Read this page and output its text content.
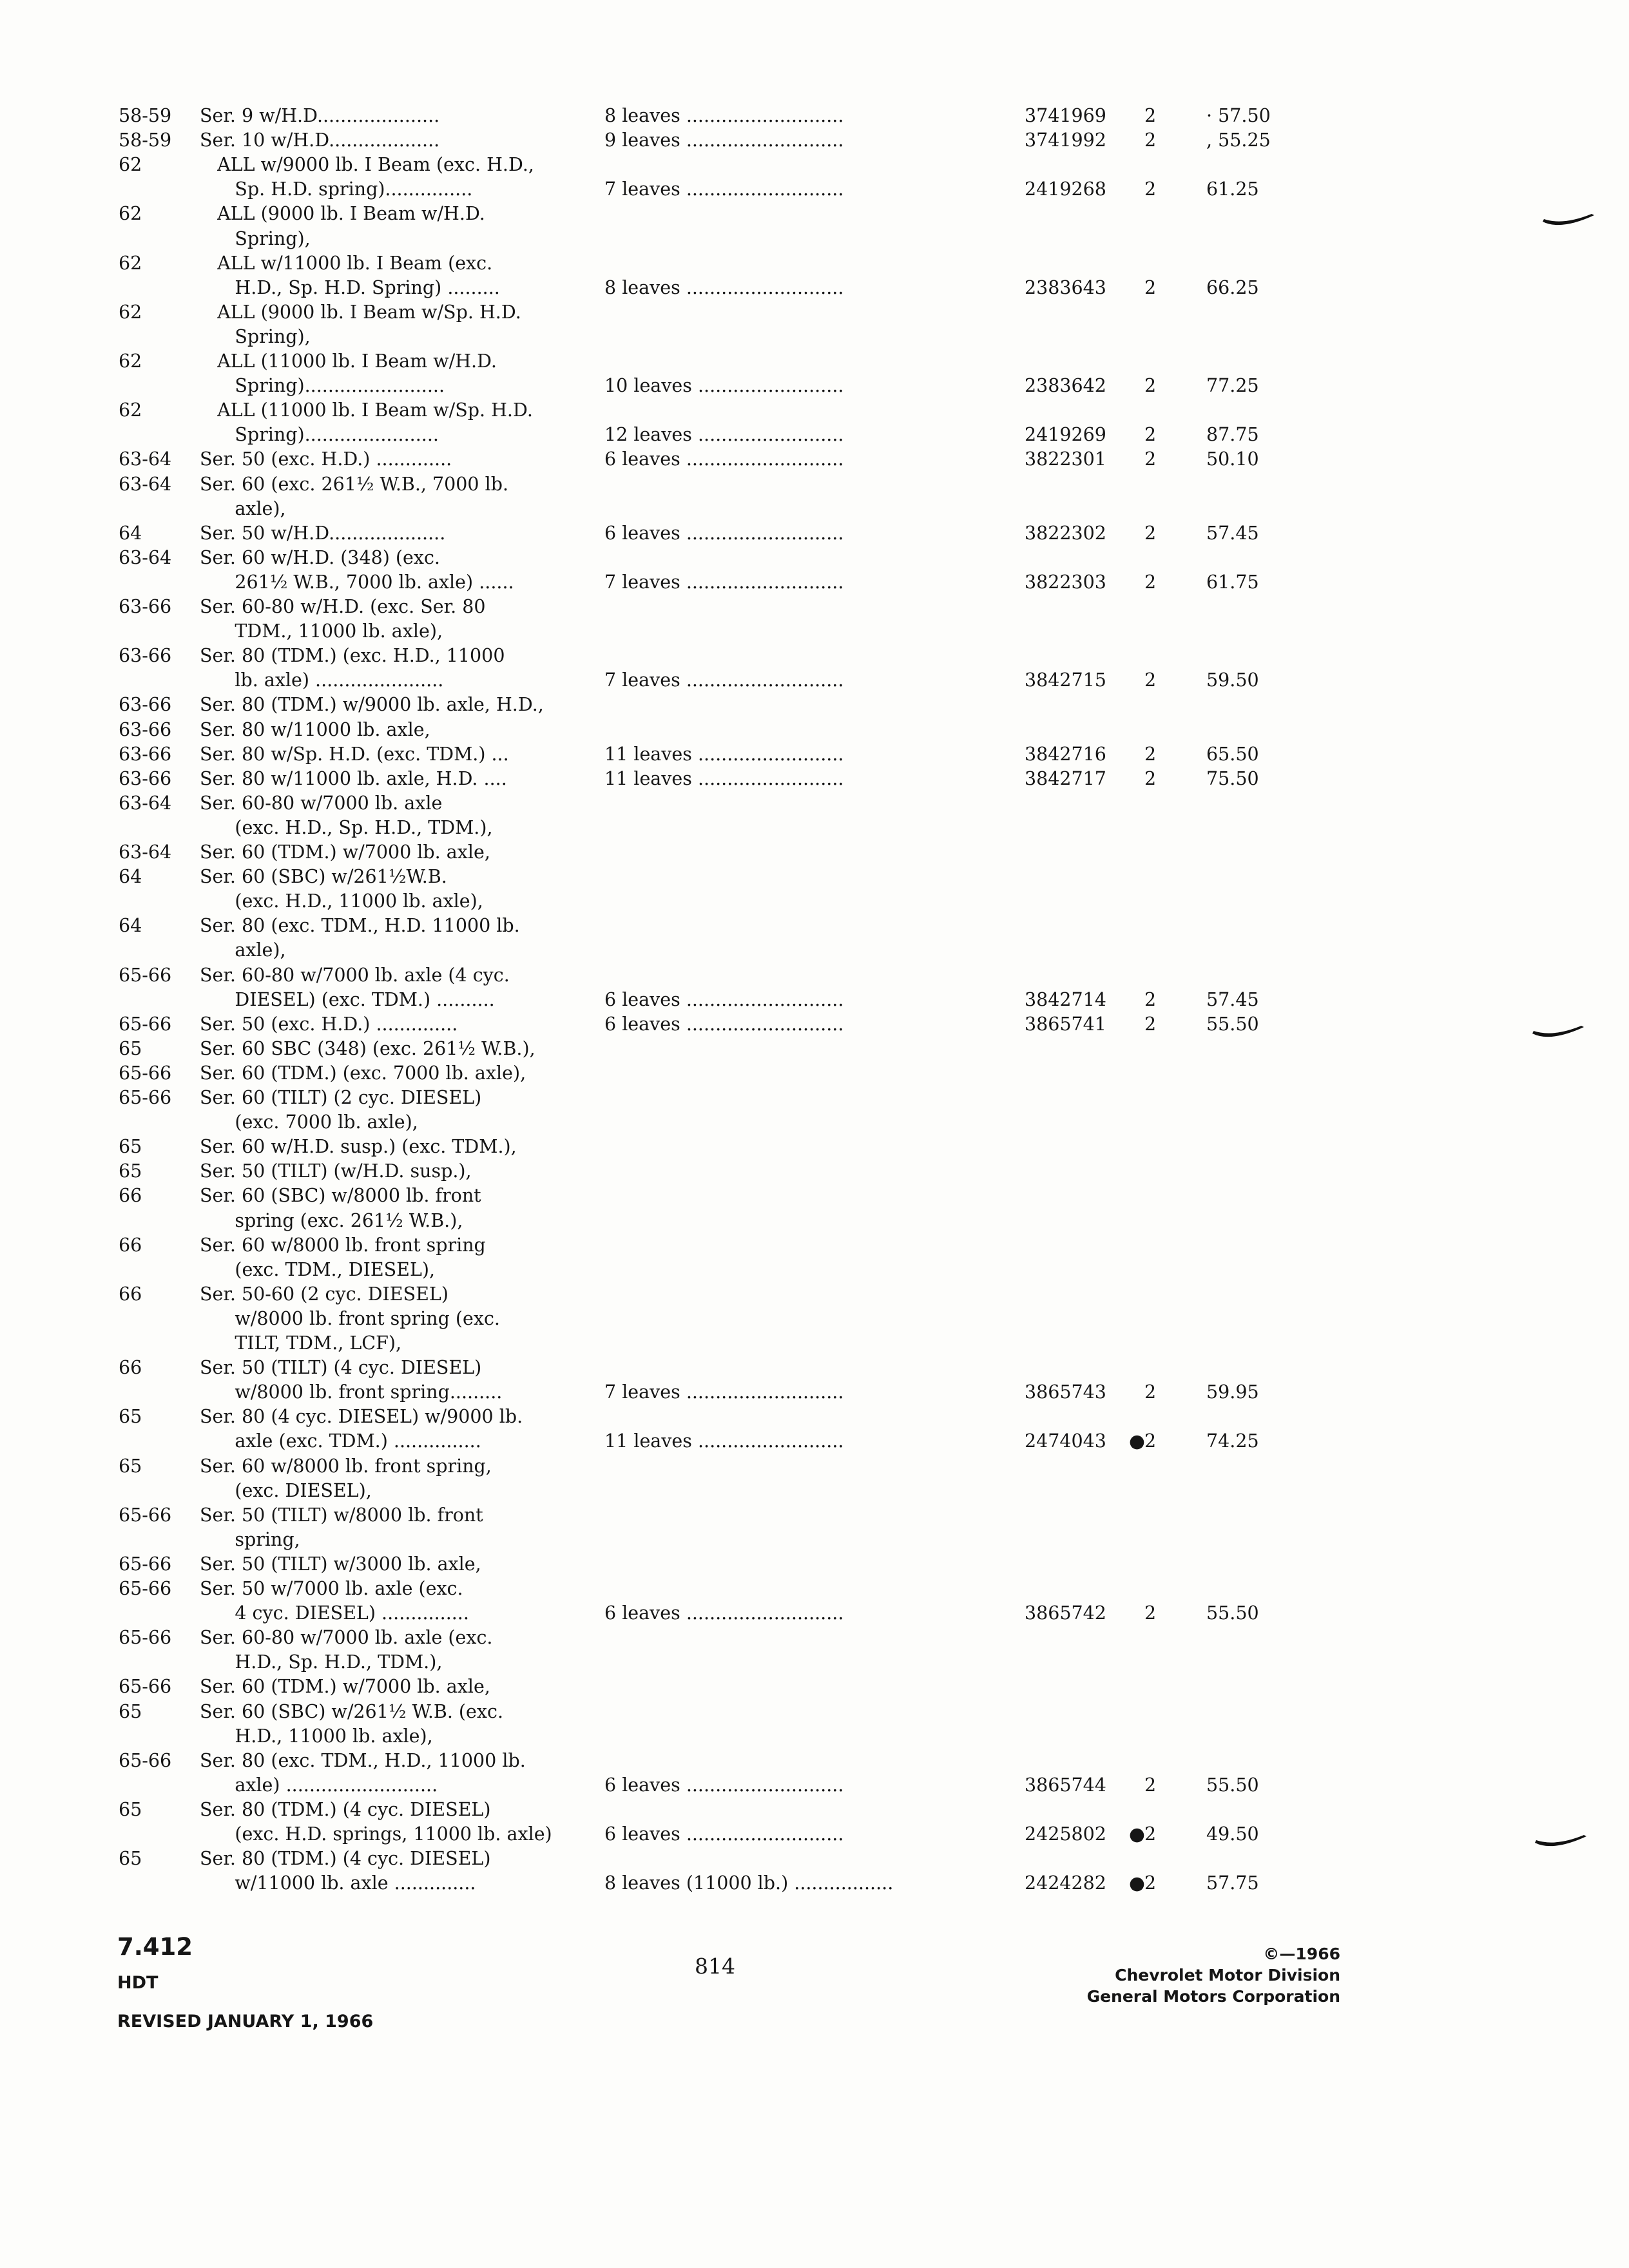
58-59 Ser. 9 w/H.D.....................	8 leaves ...........................	3741969 2	· 57.50
58-59 Ser. 10 w/H.D...................	9 leaves ...........................	3741992 2	, 55.25
62	ALL w/9000 lb. I Beam (exc. H.D.,
Sp. H.D. spring)...............	7 leaves ...........................	2419268 2	61.25
62	ALL (9000 lb. I Beam w/H.D.
Spring),
62	ALL w/11000 lb. I Beam (exc.
H.D., Sp. H.D. Spring) .........	8 leaves ...........................	2383643 2	66.25
62	ALL (9000 lb. I Beam w/Sp. H.D.
Spring),
62	ALL (11000 lb. I Beam w/H.D.
Spring)........................	10 leaves .........................	2383642 2	77.25
62	ALL (11000 lb. I Beam w/Sp. H.D.
Spring).......................	12 leaves .........................	2419269 2	87.75
63-64 Ser. 50 (exc. H.D.) .............	6 leaves ...........................	3822301 2	50.10
63-64 Ser. 60 (exc. 261½ W.B., 7000 lb.
axle),
64	Ser. 50 w/H.D....................	6 leaves ...........................	3822302 2	57.45
63-64 Ser. 60 w/H.D. (348) (exc.
261½ W.B., 7000 lb. axle) ......	7 leaves ...........................	3822303 2	61.75
63-66 Ser. 60-80 w/H.D. (exc. Ser. 80
TDM., 11000 lb. axle),
63-66 Ser. 80 (TDM.) (exc. H.D., 11000
lb. axle) ......................	7 leaves ...........................	3842715 2	59.50
63-66 Ser. 80 (TDM.) w/9000 lb. axle, H.D.,
63-66 Ser. 80 w/11000 lb. axle,
63-66 Ser. 80 w/Sp. H.D. (exc. TDM.) ...	11 leaves .........................	3842716 2	65.50
63-66 Ser. 80 w/11000 lb. axle, H.D. ....	11 leaves .........................	3842717 2	75.50
63-64 Ser. 60-80 w/7000 lb. axle
(exc. H.D., Sp. H.D., TDM.),
63-64 Ser. 60 (TDM.) w/7000 lb. axle,
64	Ser. 60 (SBC) w/261½W.B.
(exc. H.D., 11000 lb. axle),
64	Ser. 80 (exc. TDM., H.D. 11000 lb.
axle),
65-66 Ser. 60-80 w/7000 lb. axle (4 cyc.
DIESEL) (exc. TDM.) ..........	6 leaves ...........................	3842714 2	57.45
65-66 Ser. 50 (exc. H.D.) ..............	6 leaves ...........................	3865741 2	55.50
65	Ser. 60 SBC (348) (exc. 261½ W.B.),
65-66 Ser. 60 (TDM.) (exc. 7000 lb. axle),
65-66 Ser. 60 (TILT) (2 cyc. DIESEL)
(exc. 7000 lb. axle),
65	Ser. 60 w/H.D. susp.) (exc. TDM.),
65	Ser. 50 (TILT) (w/H.D. susp.),
66	Ser. 60 (SBC) w/8000 lb. front
spring (exc. 261½ W.B.),
66	Ser. 60 w/8000 lb. front spring
(exc. TDM., DIESEL),
66	Ser. 50-60 (2 cyc. DIESEL)
w/8000 lb. front spring (exc.
TILT, TDM., LCF),
66	Ser. 50 (TILT) (4 cyc. DIESEL)
w/8000 lb. front spring.........	7 leaves ...........................	3865743 2	59.95
65	Ser. 80 (4 cyc. DIESEL) w/9000 lb.
axle (exc. TDM.) ...............	11 leaves .........................	2474043 ● 2	74.25
65	Ser. 60 w/8000 lb. front spring,
(exc. DIESEL),
65-66 Ser. 50 (TILT) w/8000 lb. front
spring,
65-66 Ser. 50 (TILT) w/3000 lb. axle,
65-66 Ser. 50 w/7000 lb. axle (exc.
4 cyc. DIESEL) ...............	6 leaves ...........................	3865742 2	55.50
65-66 Ser. 60-80 w/7000 lb. axle (exc.
H.D., Sp. H.D., TDM.),
65-66 Ser. 60 (TDM.) w/7000 lb. axle,
65	Ser. 60 (SBC) w/261½ W.B. (exc.
H.D., 11000 lb. axle),
65-66 Ser. 80 (exc. TDM., H.D., 11000 lb.
axle) ..........................	6 leaves ...........................	3865744 2	55.50
65	Ser. 80 (TDM.) (4 cyc. DIESEL)
(exc. H.D. springs, 11000 lb. axle)	6 leaves ...........................	2425802 ● 2	49.50
65	Ser. 80 (TDM.) (4 cyc. DIESEL)
w/11000 lb. axle ..............	8 leaves (11000 lb.) .................	2424282 ● 2	57.75
7.412
HDT
REVISED JANUARY 1, 1966
814	©—1966
Chevrolet Motor Division
General Motors Corporation
